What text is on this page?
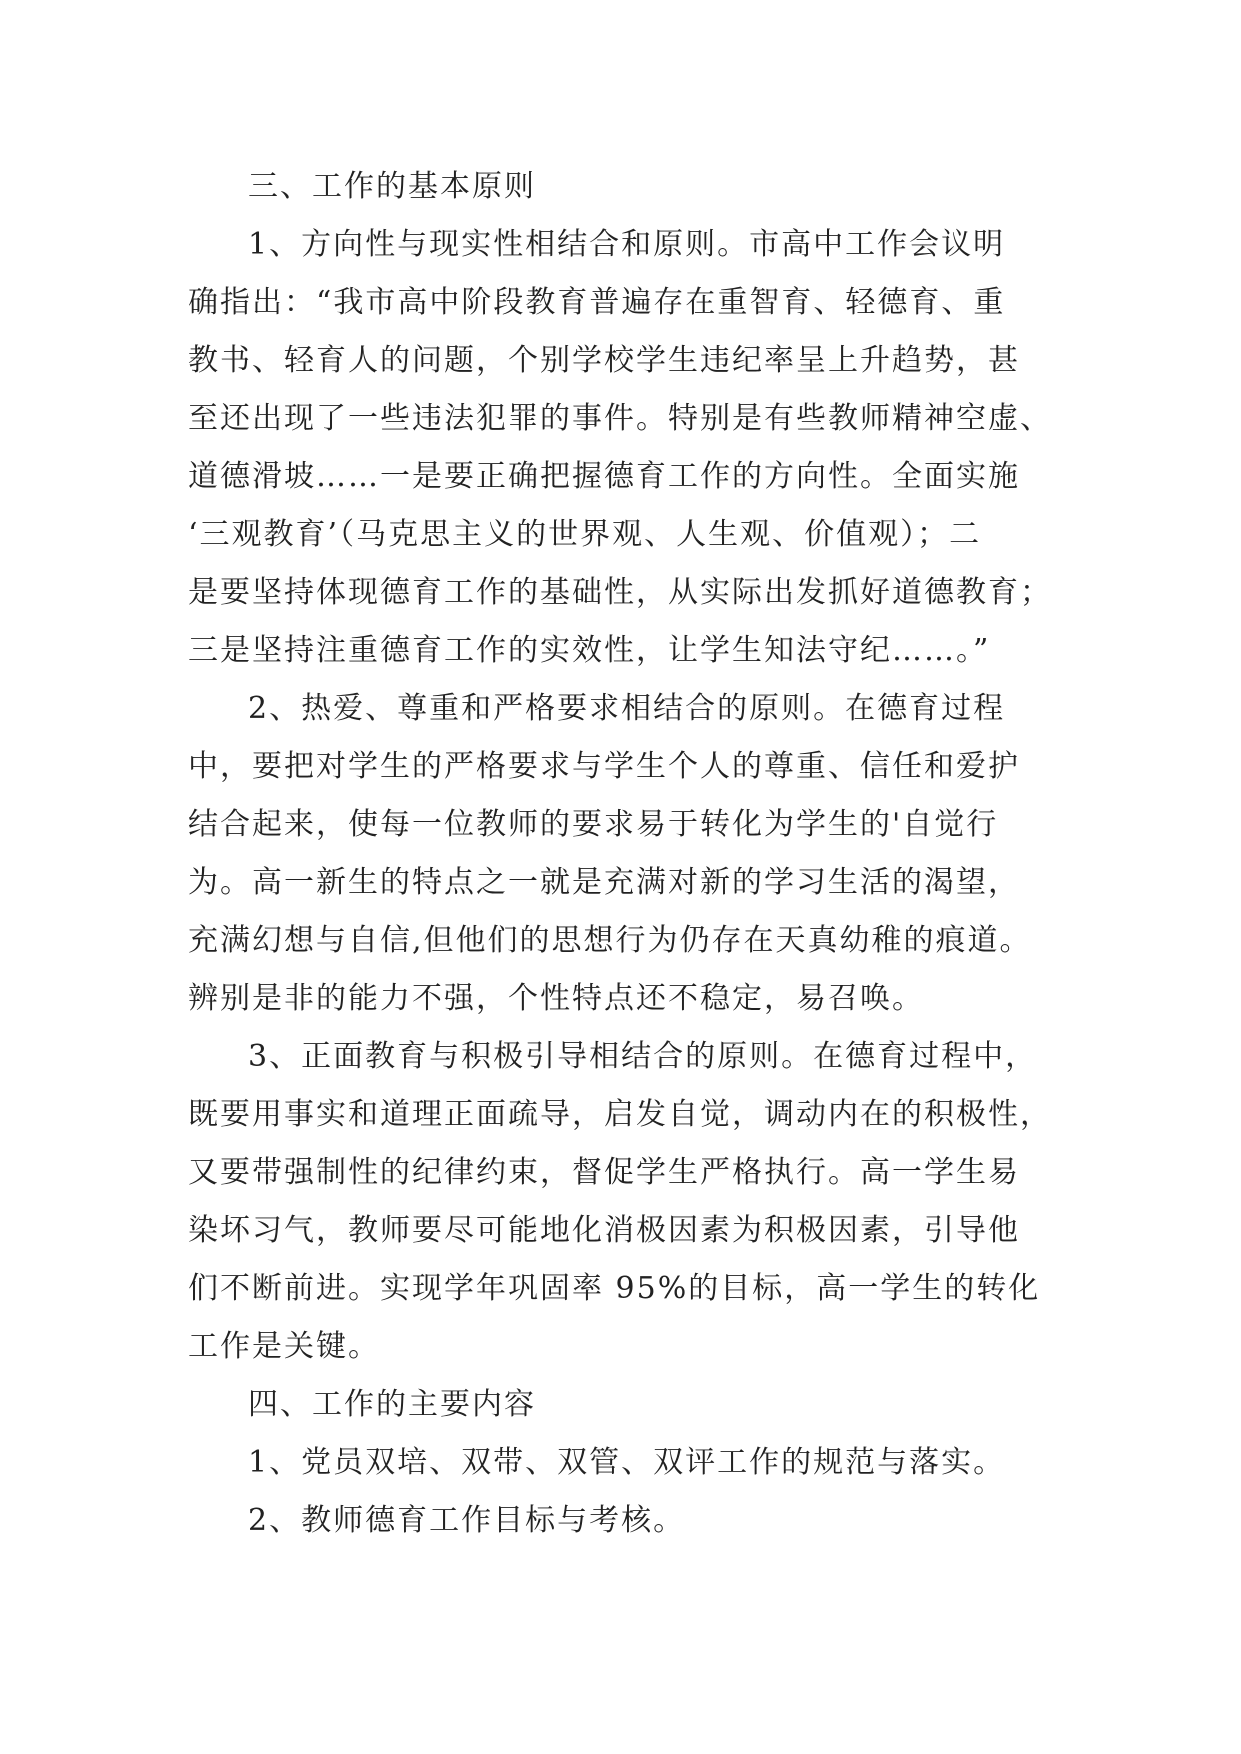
三、工作的基本原则
1、方向性与现实性相结合和原则。市高中工作会议明
确指出：“我市高中阶段教育普遍存在重智育、轻德育、重
教书、轻育人的问题，个别学校学生违纪率呈上升趋势，甚
至还出现了一些违法犯罪的事件。特别是有些教师精神空虚、
道德滑坡……一是要正确把握德育工作的方向性。全面实施
‘三观教育’（马克思主义的世界观、人生观、价值观）；二
是要坚持体现德育工作的基础性，从实际出发抓好道德教育；
三是坚持注重德育工作的实效性，让学生知法守纪……。”
2、热爱、尊重和严格要求相结合的原则。在德育过程
中，要把对学生的严格要求与学生个人的尊重、信任和爱护
结合起来，使每一位教师的要求易于转化为学生的'自觉行
为。高一新生的特点之一就是充满对新的学习生活的渴望，
充满幻想与自信,但他们的思想行为仍存在天真幼稚的痕道。
辨别是非的能力不强，个性特点还不稳定，易召唤。
3、正面教育与积极引导相结合的原则。在德育过程中，
既要用事实和道理正面疏导，启发自觉，调动内在的积极性，
又要带强制性的纪律约束，督促学生严格执行。高一学生易
染坏习气，教师要尽可能地化消极因素为积极因素，引导他
们不断前进。实现学年巩固率 95%的目标，高一学生的转化
工作是关键。
四、工作的主要内容
1、党员双培、双带、双管、双评工作的规范与落实。
2、教师德育工作目标与考核。
